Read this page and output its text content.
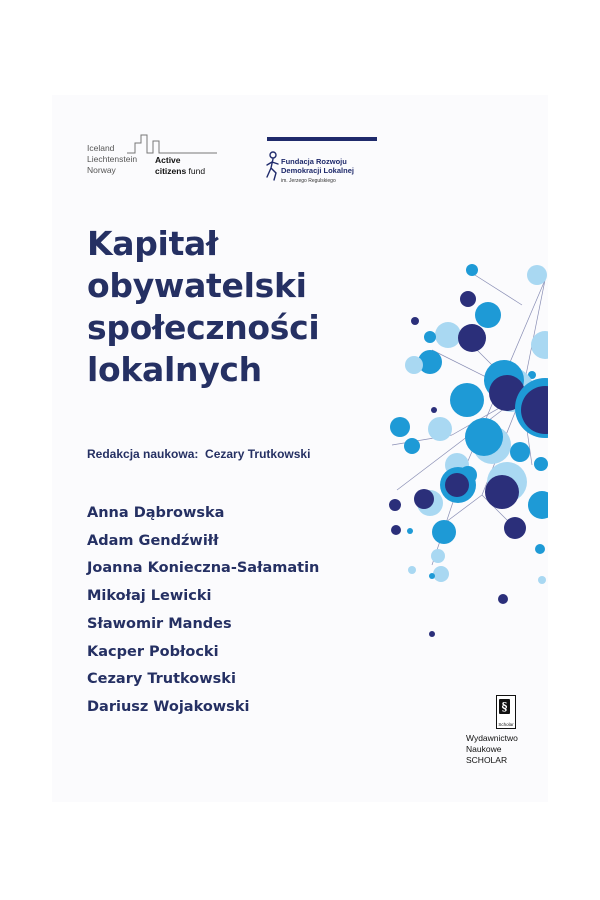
Iceland
Liechtenstein
Norway
Active
citizens fund
Fundacja Rozwoju
Demokracji Lokalnej
im. Jerzego Regulskiego
Kapitał
obywatelski
społeczności
lokalnych
Redakcja naukowa: Cezary Trutkowski
Anna Dąbrowska
Adam Gendźwiłł
Joanna Konieczna-Sałamatin
Mikołaj Lewicki
Sławomir Mandes
Kacper Pobłocki
Cezary Trutkowski
Dariusz Wojakowski	§
Scholar
Wydawnictwo
Naukowe
SCHOLAR
